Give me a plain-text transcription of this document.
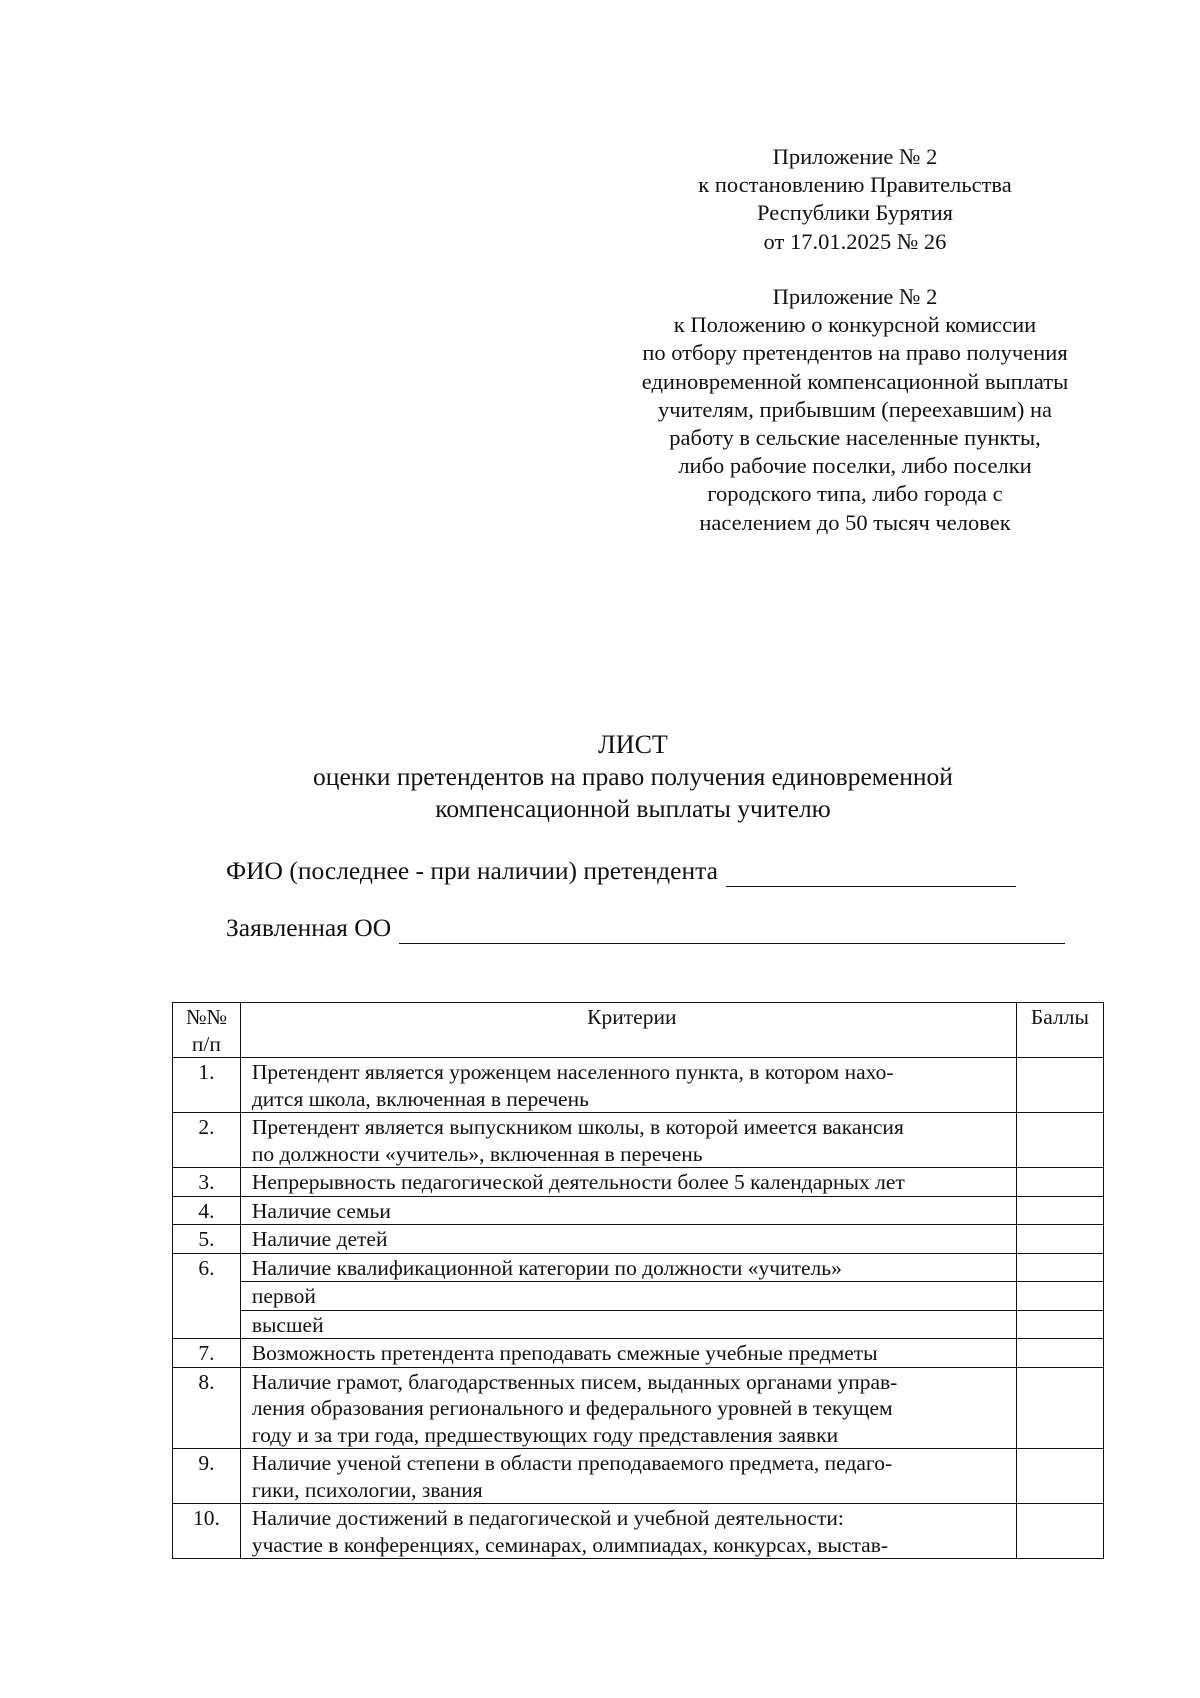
Приложение № 2
к постановлению Правительства
Республики Бурятия
от 17.01.2025 № 26
Приложение № 2
к Положению о конкурсной комиссии
по отбору претендентов на право получения
единовременной компенсационной выплаты
учителям, прибывшим (переехавшим) на
работу в сельские населенные пункты,
либо рабочие поселки, либо поселки
городского типа, либо города с
населением до 50 тысяч человек
ЛИСТ
оценки претендентов на право получения единовременной
компенсационной выплаты учителю
ФИО (последнее - при наличии) претендента
Заявленная ОО
№№
п/п	Критерии	Баллы
1.	Претендент является уроженцем населенного пункта, в котором нахо-
дится школа, включенная в перечень	

2.	Претендент является выпускником школы, в которой имеется вакансия
по должности «учитель», включенная в перечень	

3.	Непрерывность педагогической деятельности более 5 календарных лет	

4.	Наличие семьи	

5.	Наличие детей	

6.	Наличие квалификационной категории по должности «учитель»	

	первой	

	высшей	

7.	Возможность претендента преподавать смежные учебные предметы	

8.	Наличие грамот, благодарственных писем, выданных органами управ-
ления образования регионального и федерального уровней в текущем
году и за три года, предшествующих году представления заявки	

9.	Наличие ученой степени в области преподаваемого предмета, педаго-
гики, психологии, звания	

10.	Наличие достижений в педагогической и учебной деятельности:
участие в конференциях, семинарах, олимпиадах, конкурсах, выстав-	
